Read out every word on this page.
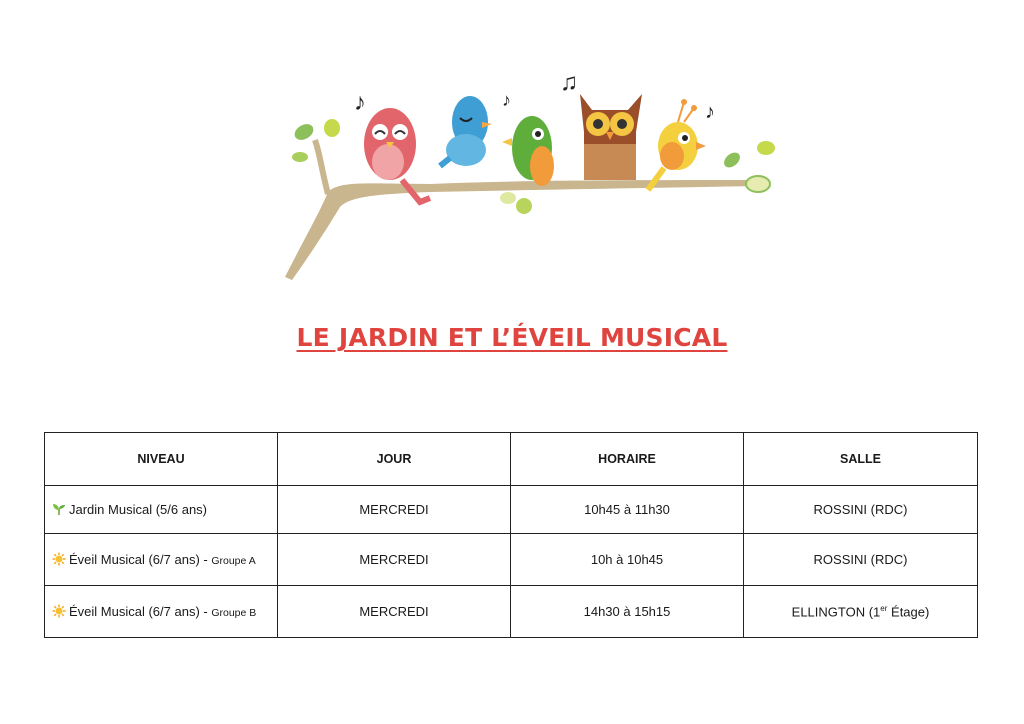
♪	♪
♫
♪
LE JARDIN ET L’ÉVEIL MUSICAL
NIVEAU	JOUR	HORAIRE	SALLE
Jardin Musical (5/6 ans)	MERCREDI	10h45 à 11h30	ROSSINI (RDC)
Éveil Musical (6/7 ans) - Groupe A	MERCREDI	10h à 10h45	ROSSINI (RDC)
Éveil Musical (6/7 ans) - Groupe B	MERCREDI	14h30 à 15h15	ELLINGTON (1er Étage)
